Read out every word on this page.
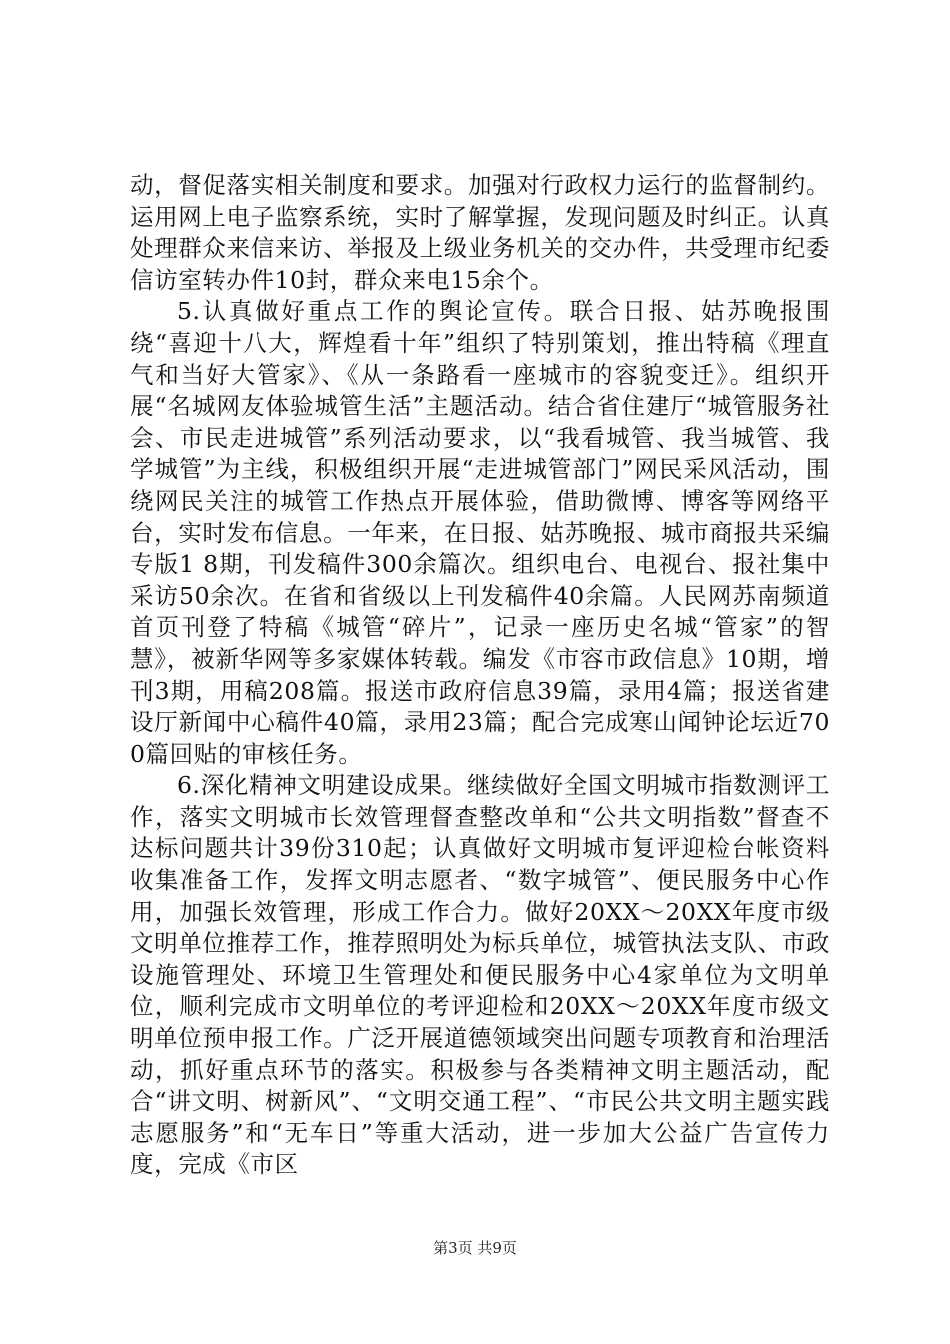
动，督促落实相关制度和要求。加强对行政权力运行的监督制约。运用网上电子监察系统，实时了解掌握，发现问题及时纠正。认真处理群众来信来访、举报及上级业务机关的交办件，共受理市纪委信访室转办件10封，群众来电15余个。

5.认真做好重点工作的舆论宣传。联合日报、姑苏晚报围绕“喜迎十八大，辉煌看十年”组织了特别策划，推出特稿《理直气和当好大管家》、《从一条路看一座城市的容貌变迁》。组织开展“名城网友体验城管生活”主题活动。结合省住建厅“城管服务社会、市民走进城管”系列活动要求，以“我看城管、我当城管、我学城管”为主线，积极组织开展“走进城管部门”网民采风活动，围绕网民关注的城管工作热点开展体验，借助微博、博客等网络平台，实时发布信息。一年来，在日报、姑苏晚报、城市商报共采编专版1 8期，刊发稿件300余篇次。组织电台、电视台、报社集中采访50余次。在省和省级以上刊发稿件40余篇。人民网苏南频道首页刊登了特稿《城管“碎片”，记录一座历史名城“管家”的智慧》，被新华网等多家媒体转载。编发《市容市政信息》10期，增刊3期，用稿208篇。报送市政府信息39篇，录用4篇；报送省建设厅新闻中心稿件40篇，录用23篇；配合完成寒山闻钟论坛近700篇回贴的审核任务。

6.深化精神文明建设成果。继续做好全国文明城市指数测评工作，落实文明城市长效管理督查整改单和“公共文明指数”督查不达标问题共计39份310起；认真做好文明城市复评迎检台帐资料收集准备工作，发挥文明志愿者、“数字城管”、便民服务中心作用，加强长效管理，形成工作合力。做好20XX～20XX年度市级文明单位推荐工作，推荐照明处为标兵单位，城管执法支队、市政设施管理处、环境卫生管理处和便民服务中心4家单位为文明单位，顺利完成市文明单位的考评迎检和20XX～20XX年度市级文明单位预申报工作。广泛开展道德领域突出问题专项教育和治理活动，抓好重点环节的落实。积极参与各类精神文明主题活动，配合“讲文明、树新风”、“文明交通工程”、“市民公共文明主题实践志愿服务”和“无车日”等重大活动，进一步加大公益广告宣传力度，完成《市区

第3页 共9页
